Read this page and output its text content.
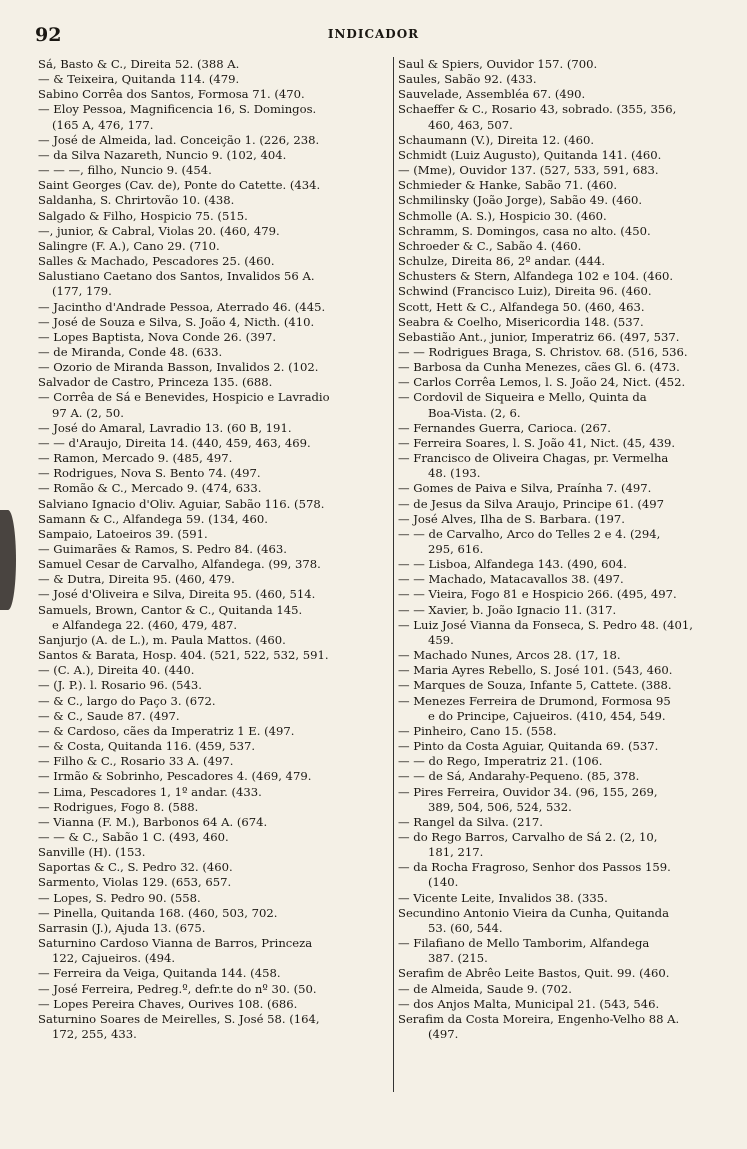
92	INDICADOR
Sá, Basto & C., Direita 52. (388 A.
— & Teixeira, Quitanda 114. (479.
Sabino Corrêa dos Santos, Formosa 71. (470.
— Eloy Pessoa, Magnificencia 16, S. Domingos.
(165 A, 476, 177.
— José de Almeida, lad. Conceição 1. (226, 238.
— da Silva Nazareth, Nuncio 9. (102, 404.
— — —, filho, Nuncio 9. (454.
Saint Georges (Cav. de), Ponte do Catette. (434.
Saldanha, S. Chrirtovão 10. (438.
Salgado & Filho, Hospicio 75. (515.
—, junior, & Cabral, Violas 20. (460, 479.
Salingre (F. A.), Cano 29. (710.
Salles & Machado, Pescadores 25. (460.
Salustiano Caetano dos Santos, Invalidos 56 A.
(177, 179.
— Jacintho d'Andrade Pessoa, Aterrado 46. (445.
— José de Souza e Silva, S. João 4, Nicth. (410.
— Lopes Baptista, Nova Conde 26. (397.
— de Miranda, Conde 48. (633.
— Ozorio de Miranda Basson, Invalidos 2. (102.
Salvador de Castro, Princeza 135. (688.
— Corrêa de Sá e Benevides, Hospicio e Lavradio
97 A. (2, 50.
— José do Amaral, Lavradio 13. (60 B, 191.
— — d'Araujo, Direita 14. (440, 459, 463, 469.
— Ramon, Mercado 9. (485, 497.
— Rodrigues, Nova S. Bento 74. (497.
— Romão & C., Mercado 9. (474, 633.
Salviano Ignacio d'Oliv. Aguiar, Sabão 116. (578.
Samann & C., Alfandega 59. (134, 460.
Sampaio, Latoeiros 39. (591.
— Guimarães & Ramos, S. Pedro 84. (463.
Samuel Cesar de Carvalho, Alfandega. (99, 378.
— & Dutra, Direita 95. (460, 479.
— José d'Oliveira e Silva, Direita 95. (460, 514.
Samuels, Brown, Cantor & C., Quitanda 145.
e Alfandega 22. (460, 479, 487.
Sanjurjo (A. de L.), m. Paula Mattos. (460.
Santos & Barata, Hosp. 404. (521, 522, 532, 591.
— (C. A.), Direita 40. (440.
— (J. P.). l. Rosario 96. (543.
— & C., largo do Paço 3. (672.
— & C., Saude 87. (497.
— & Cardoso, cães da Imperatriz 1 E. (497.
— & Costa, Quitanda 116. (459, 537.
— Filho & C., Rosario 33 A. (497.
— Irmão & Sobrinho, Pescadores 4. (469, 479.
— Lima, Pescadores 1, 1º andar. (433.
— Rodrigues, Fogo 8. (588.
— Vianna (F. M.), Barbonos 64 A. (674.
— — & C., Sabão 1 C. (493, 460.
Sanville (H). (153.
Saportas & C., S. Pedro 32. (460.
Sarmento, Violas 129. (653, 657.
— Lopes, S. Pedro 90. (558.
— Pinella, Quitanda 168. (460, 503, 702.
Sarrasin (J.), Ajuda 13. (675.
Saturnino Cardoso Vianna de Barros, Princeza
122, Cajueiros. (494.
— Ferreira da Veiga, Quitanda 144. (458.
— José Ferreira, Pedreg.º, defr.te do nº 30. (50.
— Lopes Pereira Chaves, Ourives 108. (686.
Saturnino Soares de Meirelles, S. José 58. (164,
172, 255, 433.
Saul & Spiers, Ouvidor 157. (700.
Saules, Sabão 92. (433.
Sauvelade, Assembléa 67. (490.
Schaeffer & C., Rosario 43, sobrado. (355, 356,
460, 463, 507.
Schaumann (V.), Direita 12. (460.
Schmidt (Luiz Augusto), Quitanda 141. (460.
— (Mme), Ouvidor 137. (527, 533, 591, 683.
Schmieder & Hanke, Sabão 71. (460.
Schmilinsky (João Jorge), Sabão 49. (460.
Schmolle (A. S.), Hospicio 30. (460.
Schramm, S. Domingos, casa no alto. (450.
Schroeder & C., Sabão 4. (460.
Schulze, Direita 86, 2º andar. (444.
Schusters & Stern, Alfandega 102 e 104. (460.
Schwind (Francisco Luiz), Direita 96. (460.
Scott, Hett & C., Alfandega 50. (460, 463.
Seabra & Coelho, Misericordia 148. (537.
Sebastião Ant., junior, Imperatriz 66. (497, 537.
— — Rodrigues Braga, S. Christov. 68. (516, 536.
— Barbosa da Cunha Menezes, cães Gl. 6. (473.
— Carlos Corrêa Lemos, l. S. João 24, Nict. (452.
— Cordovil de Siqueira e Mello, Quinta da
Boa-Vista. (2, 6.
— Fernandes Guerra, Carioca. (267.
— Ferreira Soares, l. S. João 41, Nict. (45, 439.
— Francisco de Oliveira Chagas, pr. Vermelha
48. (193.
— Gomes de Paiva e Silva, Praínha 7. (497.
— de Jesus da Silva Araujo, Principe 61. (497
— José Alves, Ilha de S. Barbara. (197.
— — de Carvalho, Arco do Telles 2 e 4. (294,
295, 616.
— — Lisboa, Alfandega 143. (490, 604.
— — Machado, Matacavallos 38. (497.
— — Vieira, Fogo 81 e Hospicio 266. (495, 497.
— — Xavier, b. João Ignacio 11. (317.
— Luiz José Vianna da Fonseca, S. Pedro 48. (401,
459.
— Machado Nunes, Arcos 28. (17, 18.
— Maria Ayres Rebello, S. José 101. (543, 460.
— Marques de Souza, Infante 5, Cattete. (388.
— Menezes Ferreira de Drumond, Formosa 95
e do Principe, Cajueiros. (410, 454, 549.
— Pinheiro, Cano 15. (558.
— Pinto da Costa Aguiar, Quitanda 69. (537.
— — do Rego, Imperatriz 21. (106.
— — de Sá, Andarahy-Pequeno. (85, 378.
— Pires Ferreira, Ouvidor 34. (96, 155, 269,
389, 504, 506, 524, 532.
— Rangel da Silva. (217.
— do Rego Barros, Carvalho de Sá 2. (2, 10,
181, 217.
— da Rocha Fragroso, Senhor dos Passos 159.
(140.
— Vicente Leite, Invalidos 38. (335.
Secundino Antonio Vieira da Cunha, Quitanda
53. (60, 544.
— Filafiano de Mello Tamborim, Alfandega
387. (215.
Serafim de Abrêo Leite Bastos, Quit. 99. (460.
— de Almeida, Saude 9. (702.
— dos Anjos Malta, Municipal 21. (543, 546.
Serafim da Costa Moreira, Engenho-Velho 88 A.
(497.
